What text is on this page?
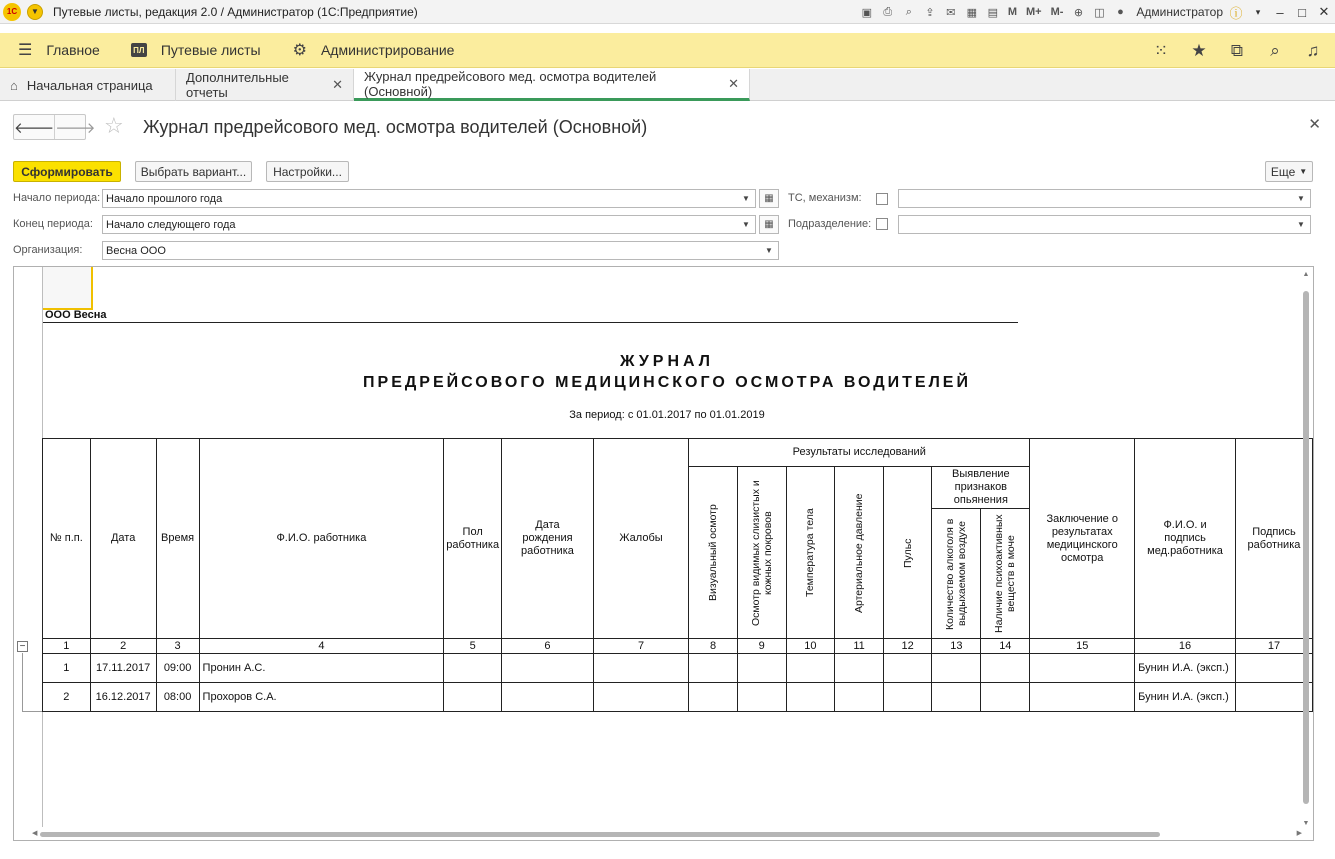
1С	▼	Путевые листы, редакция 2.0 / Администратор (1С:Предприятие)	▣	⎙	⌕	⇪	✉	▦ ▤ M M+ M- ⊕	◫	●	Администратор ⓘ	▾	–	□ ✕
☰ Главное	ПЛ Путевые листы ⚙ Администрирование	⁙ ★ ⧉	⌕	♫
⌂ Начальная страница	Дополнительные отчеты
✕
Журнал предрейсового мед. осмотра водителей (Основной)
✕
🡐 🡒 ☆ Журнал предрейсового мед. осмотра водителей (Основной)	✕
Сформировать	Выбрать вариант...	Настройки...	Еще ▼
Начало периода: Начало прошлого года	▼	▦
Конец периода: Начало следующего года	▼	▦
Организация: Весна ООО	▼
ТС, механизм:	▼
Подразделение:	▼
ООО Весна
ЖУРНАЛ
ПРЕДРЕЙСОВОГО МЕДИЦИНСКОГО ОСМОТРА ВОДИТЕЛЕЙ
За период: с 01.01.2017 по 01.01.2019
№ п.п.	Дата	Время	Ф.И.О. работника	Пол работника	Дата рождения работника	Жалобы	Результаты исследований							Заключение о результатах медицинского осмотра	Ф.И.О. и подпись мед.работника	Подпись работника

							Визуальный осмотр	Осмотр видимых слизистых и кожных покровов	Температура тела	Артериальное давление	Пульс	Выявление признаков опьянения				

												Количество алкоголя в выдыхаемом воздухе	Наличие психоактивных веществ в моче			

1	2	3	4	5	6	7	8	9	10	11	12	13	14	15	16	17
1	17.11.2017	09:00	Пронин А.С.												Бунин И.А. (эксп.)	
2	16.12.2017	08:00	Прохоров С.А.												Бунин И.А. (эксп.)	
−
▲
▼
◀	▶
